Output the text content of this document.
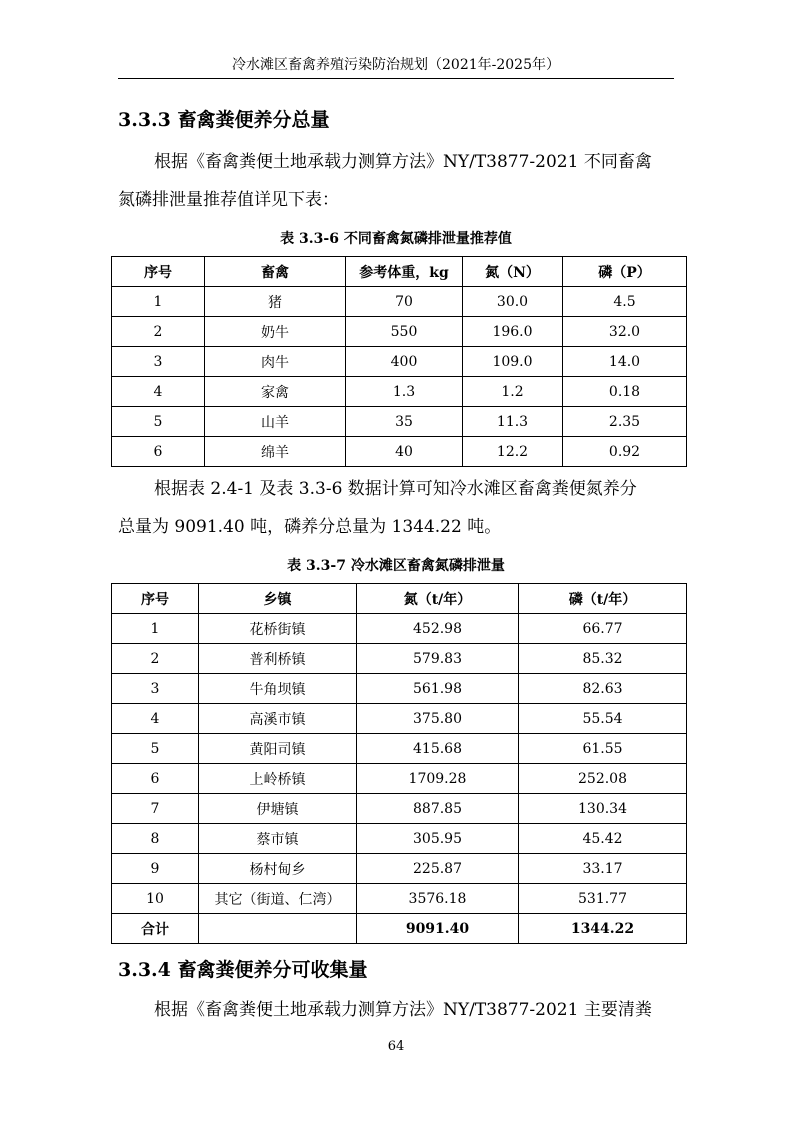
冷水滩区畜禽养殖污染防治规划（2021年-2025年）
3.3.3 畜禽粪便养分总量
根据《畜禽粪便土地承载力测算方法》NY/T3877-2021 不同畜禽
氮磷排泄量推荐值详见下表：
表 3.3-6 不同畜禽氮磷排泄量推荐值
序号	畜禽	参考体重，kg	氮（N）	磷（P）
1	猪	70	30.0	4.5
2	奶牛	550	196.0	32.0
3	肉牛	400	109.0	14.0
4	家禽	1.3	1.2	0.18
5	山羊	35	11.3	2.35
6	绵羊	40	12.2	0.92
根据表 2.4-1 及表 3.3-6 数据计算可知冷水滩区畜禽粪便氮养分
总量为 9091.40 吨，磷养分总量为 1344.22 吨。
表 3.3-7 冷水滩区畜禽氮磷排泄量
序号	乡镇	氮（t/年）	磷（t/年）
1	花桥街镇	452.98	66.77
2	普利桥镇	579.83	85.32
3	牛角坝镇	561.98	82.63
4	高溪市镇	375.80	55.54
5	黄阳司镇	415.68	61.55
6	上岭桥镇	1709.28	252.08
7	伊塘镇	887.85	130.34
8	蔡市镇	305.95	45.42
9	杨村甸乡	225.87	33.17
10	其它（街道、仁湾）	3576.18	531.77
合计		9091.40	1344.22
3.3.4 畜禽粪便养分可收集量
根据《畜禽粪便土地承载力测算方法》NY/T3877-2021 主要清粪
64
